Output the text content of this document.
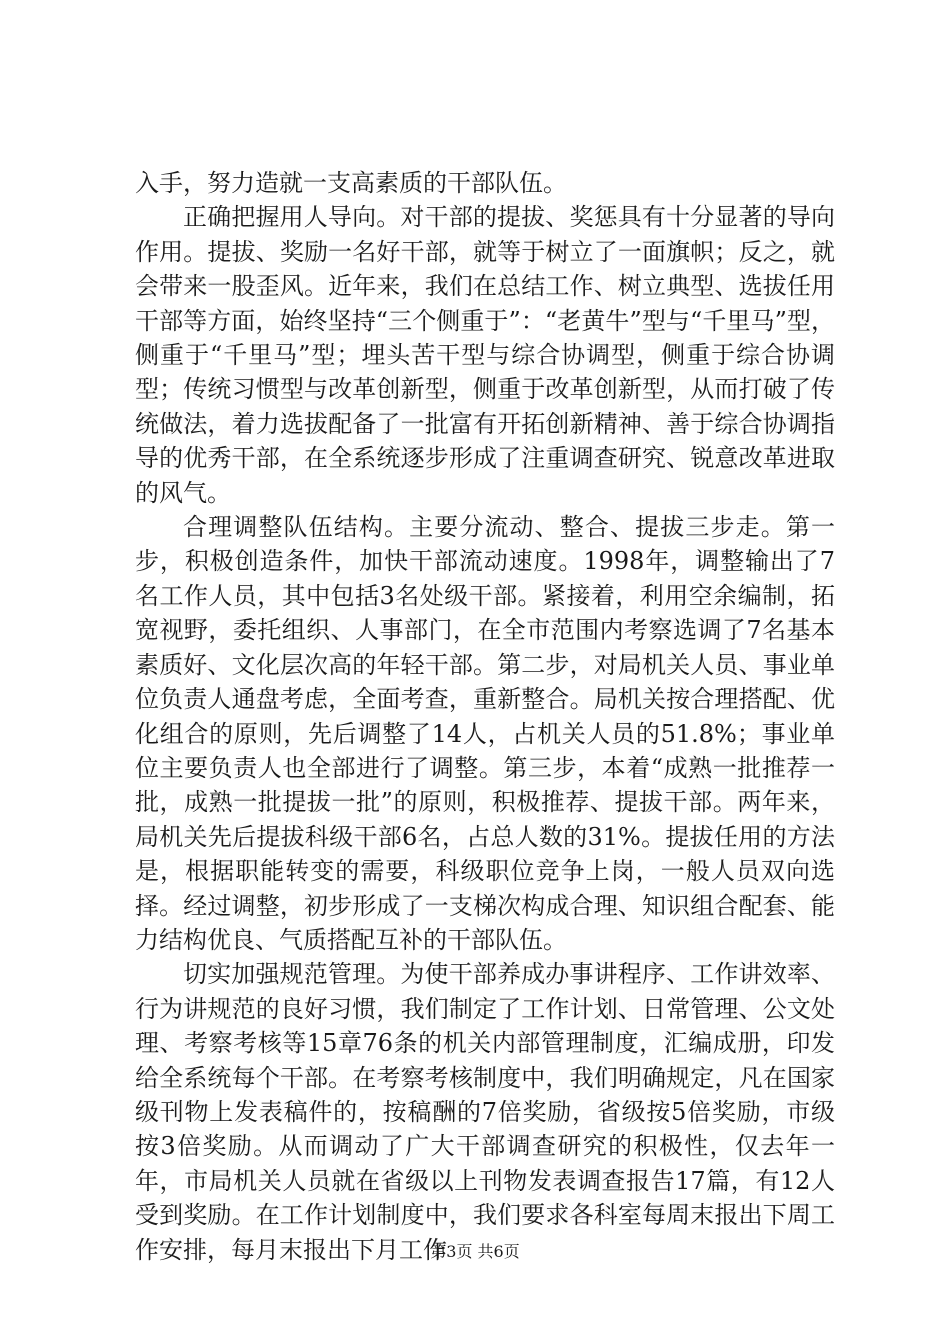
入手，努力造就一支高素质的干部队伍。

正确把握用人导向。对干部的提拔、奖惩具有十分显著的导向作用。提拔、奖励一名好干部，就等于树立了一面旗帜；反之，就会带来一股歪风。近年来，我们在总结工作、树立典型、选拔任用干部等方面，始终坚持“三个侧重于”：“老黄牛”型与“千里马”型，侧重于“千里马”型；埋头苦干型与综合协调型，侧重于综合协调型；传统习惯型与改革创新型，侧重于改革创新型，从而打破了传统做法，着力选拔配备了一批富有开拓创新精神、善于综合协调指导的优秀干部，在全系统逐步形成了注重调查研究、锐意改革进取的风气。

合理调整队伍结构。主要分流动、整合、提拔三步走。第一步，积极创造条件，加快干部流动速度。1998年，调整输出了7名工作人员，其中包括3名处级干部。紧接着，利用空余编制，拓宽视野，委托组织、人事部门，在全市范围内考察选调了7名基本素质好、文化层次高的年轻干部。第二步，对局机关人员、事业单位负责人通盘考虑，全面考查，重新整合。局机关按合理搭配、优化组合的原则，先后调整了14人，占机关人员的51.8%；事业单位主要负责人也全部进行了调整。第三步，本着“成熟一批推荐一批，成熟一批提拔一批”的原则，积极推荐、提拔干部。两年来，局机关先后提拔科级干部6名，占总人数的31%。提拔任用的方法是，根据职能转变的需要，科级职位竞争上岗，一般人员双向选择。经过调整，初步形成了一支梯次构成合理、知识组合配套、能力结构优良、气质搭配互补的干部队伍。

切实加强规范管理。为使干部养成办事讲程序、工作讲效率、行为讲规范的良好习惯，我们制定了工作计划、日常管理、公文处理、考察考核等15章76条的机关内部管理制度，汇编成册，印发给全系统每个干部。在考察考核制度中，我们明确规定，凡在国家级刊物上发表稿件的，按稿酬的7倍奖励，省级按5倍奖励，市级按3倍奖励。从而调动了广大干部调查研究的积极性，仅去年一年，市局机关人员就在省级以上刊物发表调查报告17篇，有12人受到奖励。在工作计划制度中，我们要求各科室每周末报出下周工作安排，每月末报出下月工作

第3页 共6页
